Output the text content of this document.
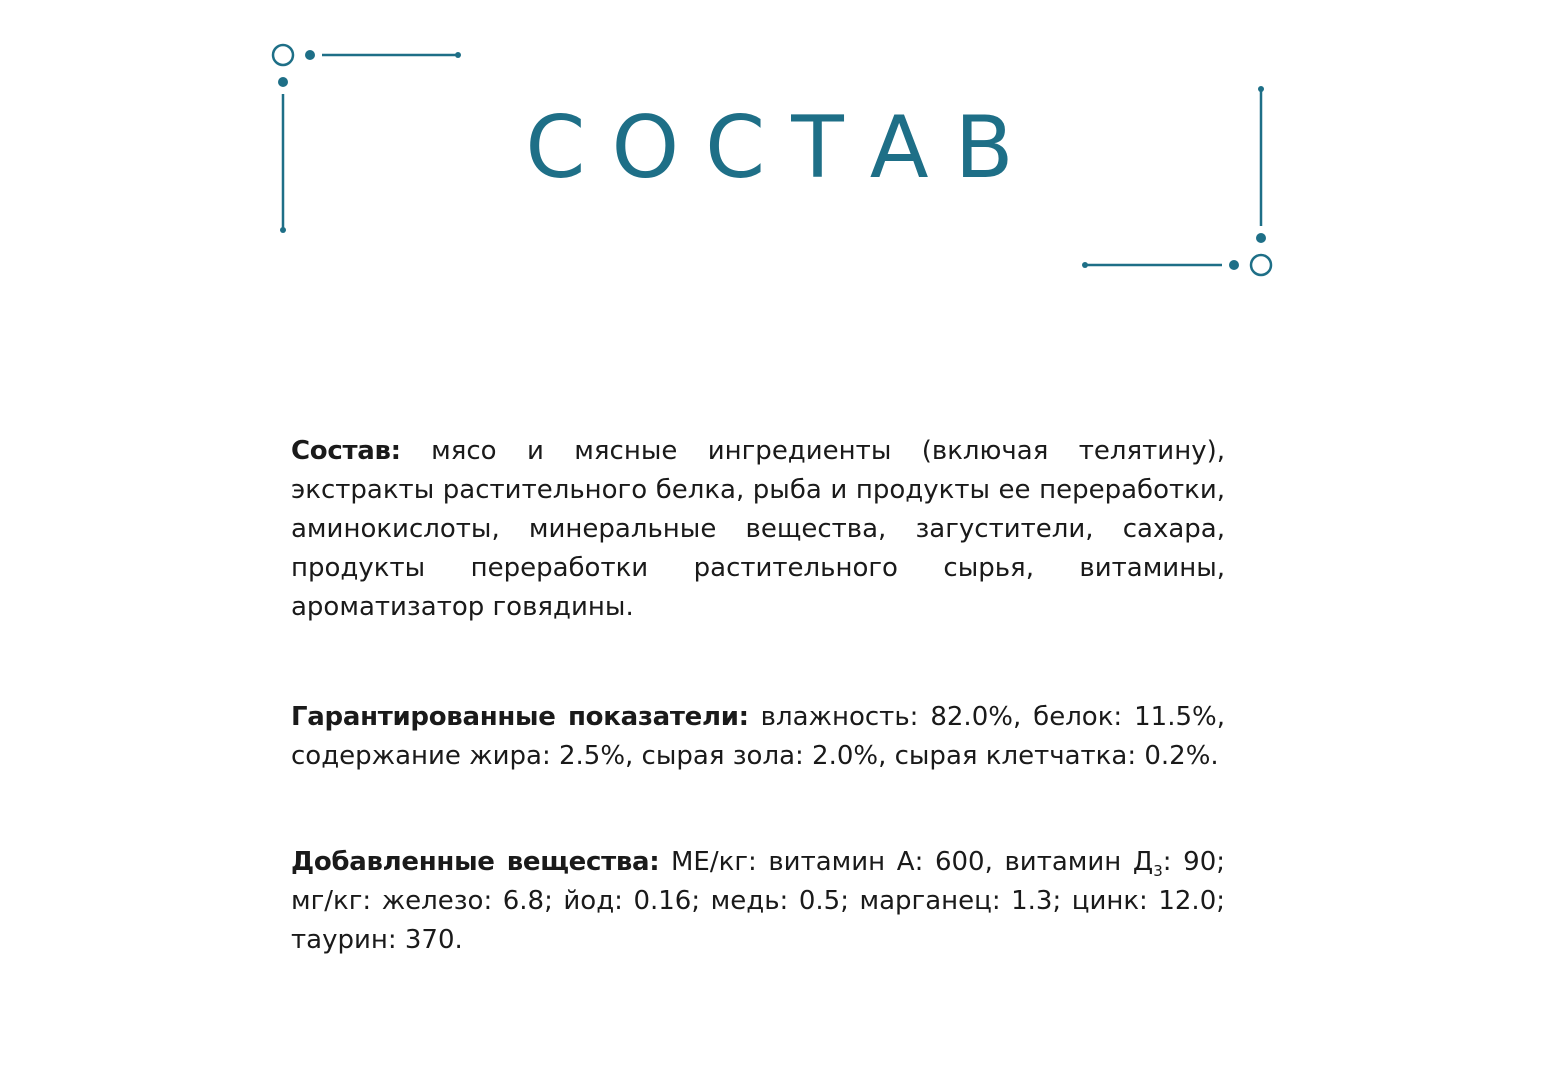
СОСТАВ

Состав: мясо и мясные ингредиенты (включая телятину), экстракты растительного белка, рыба и продукты ее переработки, аминокислоты, минеральные вещества, загустители, сахара, продукты переработки растительного сырья, витамины, ароматизатор говядины.

Гарантированные показатели: влажность: 82.0%, белок: 11.5%, содержание жира: 2.5%, сырая зола: 2.0%, сырая клетчатка: 0.2%.

Добавленные вещества: МЕ/кг: витамин А: 600, витамин $Д_3$: 90; мг/кг: железо: 6.8; йод: 0.16; медь: 0.5; марганец: 1.3; цинк: 12.0; таурин: 370.
